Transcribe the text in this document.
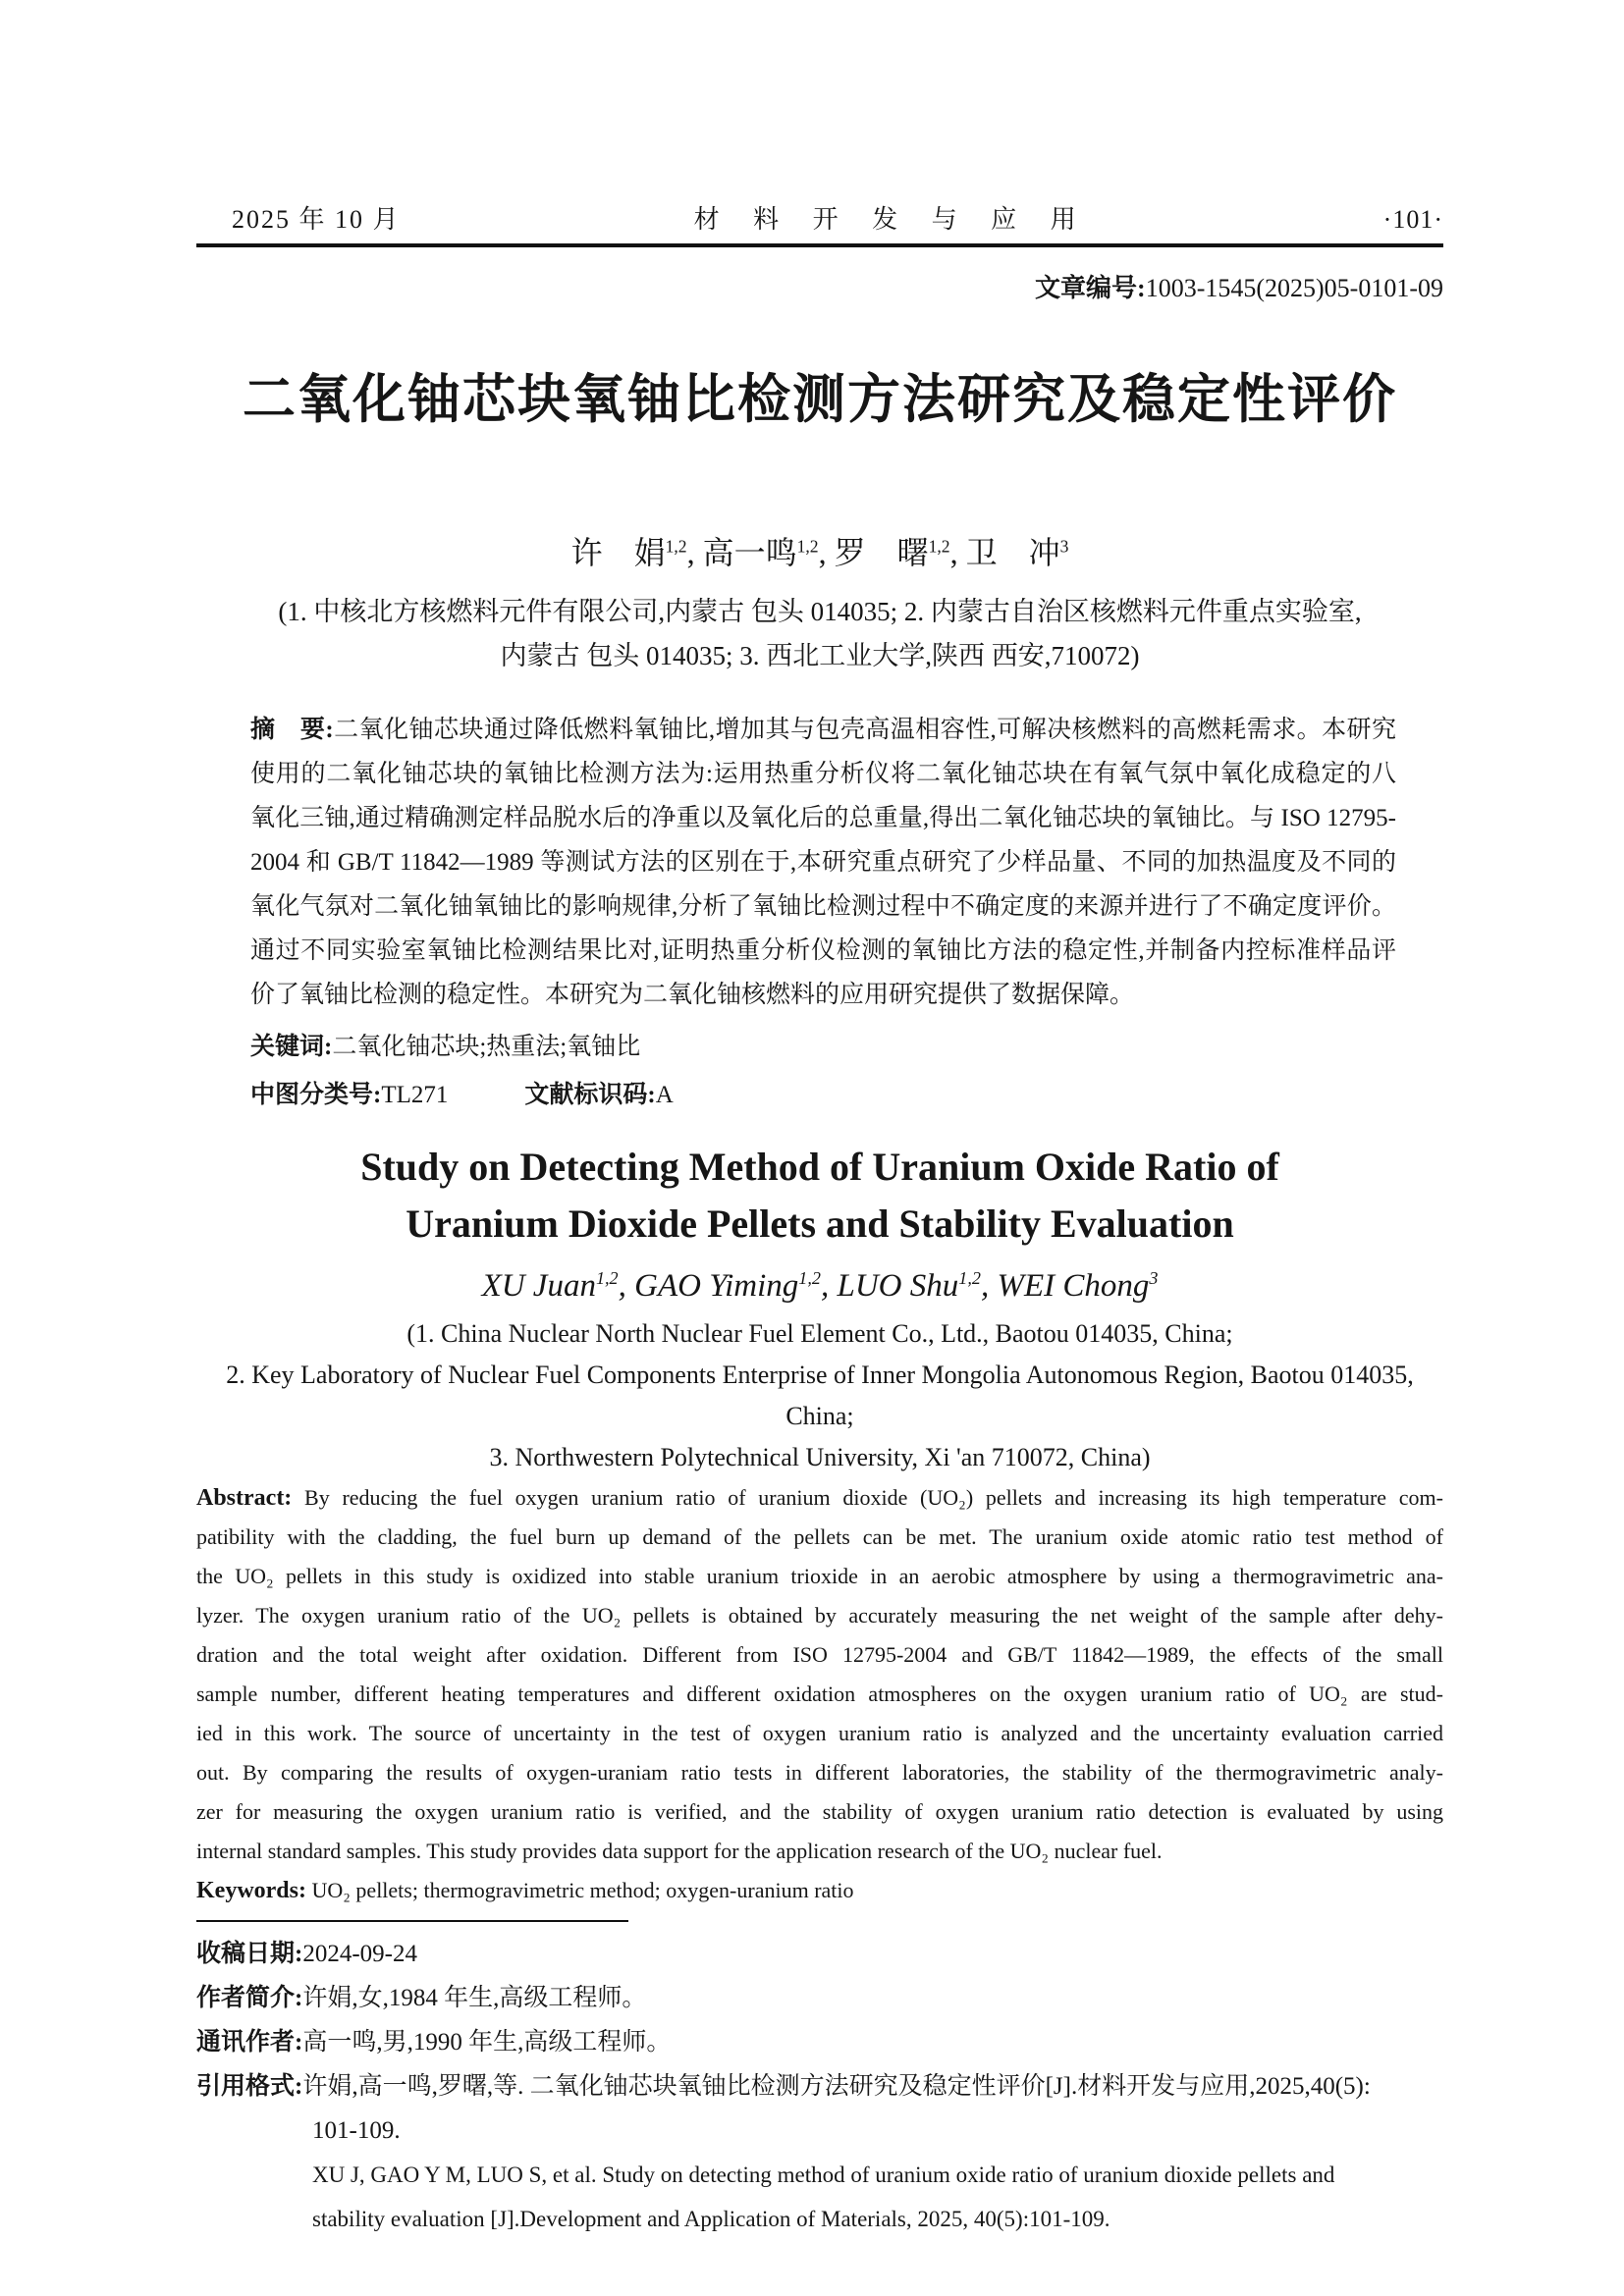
2025 年 10 月	材 料 开 发 与 应 用	·101·
文章编号:1003-1545(2025)05-0101-09
二氧化铀芯块氧铀比检测方法研究及稳定性评价
许　娟$^{1,2}$, 高一鸣$^{1,2}$, 罗　曙$^{1,2}$, 卫　冲$^3$
(1. 中核北方核燃料元件有限公司,内蒙古 包头 014035; 2. 内蒙古自治区核燃料元件重点实验室,
内蒙古 包头 014035; 3. 西北工业大学,陕西 西安,710072)
摘　要:二氧化铀芯块通过降低燃料氧铀比,增加其与包壳高温相容性,可解决核燃料的高燃耗需求。本研究
使用的二氧化铀芯块的氧铀比检测方法为:运用热重分析仪将二氧化铀芯块在有氧气氛中氧化成稳定的八
氧化三铀,通过精确测定样品脱水后的净重以及氧化后的总重量,得出二氧化铀芯块的氧铀比。与 ISO 12795-
2004 和 GB/T 11842—1989 等测试方法的区别在于,本研究重点研究了少样品量、不同的加热温度及不同的
氧化气氛对二氧化铀氧铀比的影响规律,分析了氧铀比检测过程中不确定度的来源并进行了不确定度评价。
通过不同实验室氧铀比检测结果比对,证明热重分析仪检测的氧铀比方法的稳定性,并制备内控标准样品评
价了氧铀比检测的稳定性。本研究为二氧化铀核燃料的应用研究提供了数据保障。
关键词:二氧化铀芯块;热重法;氧铀比
中图分类号:TL271	文献标识码:A
Study on Detecting Method of Uranium Oxide Ratio of
Uranium Dioxide Pellets and Stability Evaluation
XU Juan$^{1,2}$, GAO Yiming$^{1,2}$, LUO Shu$^{1,2}$, WEI Chong$^3$
(1. China Nuclear North Nuclear Fuel Element Co., Ltd., Baotou 014035, China;
2. Key Laboratory of Nuclear Fuel Components Enterprise of Inner Mongolia Autonomous Region, Baotou 014035, China;
3. Northwestern Polytechnical University, Xi 'an 710072, China)
Abstract: By reducing the fuel oxygen uranium ratio of uranium dioxide (UO₂) pellets and increasing its high temperature com-
patibility with the cladding, the fuel burn up demand of the pellets can be met. The uranium oxide atomic ratio test method of
the UO₂ pellets in this study is oxidized into stable uranium trioxide in an aerobic atmosphere by using a thermogravimetric ana-
lyzer. The oxygen uranium ratio of the UO₂ pellets is obtained by accurately measuring the net weight of the sample after dehy-
dration and the total weight after oxidation. Different from ISO 12795-2004 and GB/T 11842—1989, the effects of the small
sample number, different heating temperatures and different oxidation atmospheres on the oxygen uranium ratio of UO₂ are stud-
ied in this work. The source of uncertainty in the test of oxygen uranium ratio is analyzed and the uncertainty evaluation carried
out. By comparing the results of oxygen-uraniam ratio tests in different laboratories, the stability of the thermogravimetric analy-
zer for measuring the oxygen uranium ratio is verified, and the stability of oxygen uranium ratio detection is evaluated by using
internal standard samples. This study provides data support for the application research of the UO₂ nuclear fuel.
Keywords: UO₂ pellets; thermogravimetric method; oxygen-uranium ratio
收稿日期:2024-09-24
作者简介:许娟,女,1984 年生,高级工程师。
通讯作者:高一鸣,男,1990 年生,高级工程师。
引用格式:许娟,高一鸣,罗曙,等. 二氧化铀芯块氧铀比检测方法研究及稳定性评价[J].材料开发与应用,2025,40(5):
101-109.
XU J, GAO Y M, LUO S, et al. Study on detecting method of uranium oxide ratio of uranium dioxide pellets and
stability evaluation [J].Development and Application of Materials, 2025, 40(5):101-109.
